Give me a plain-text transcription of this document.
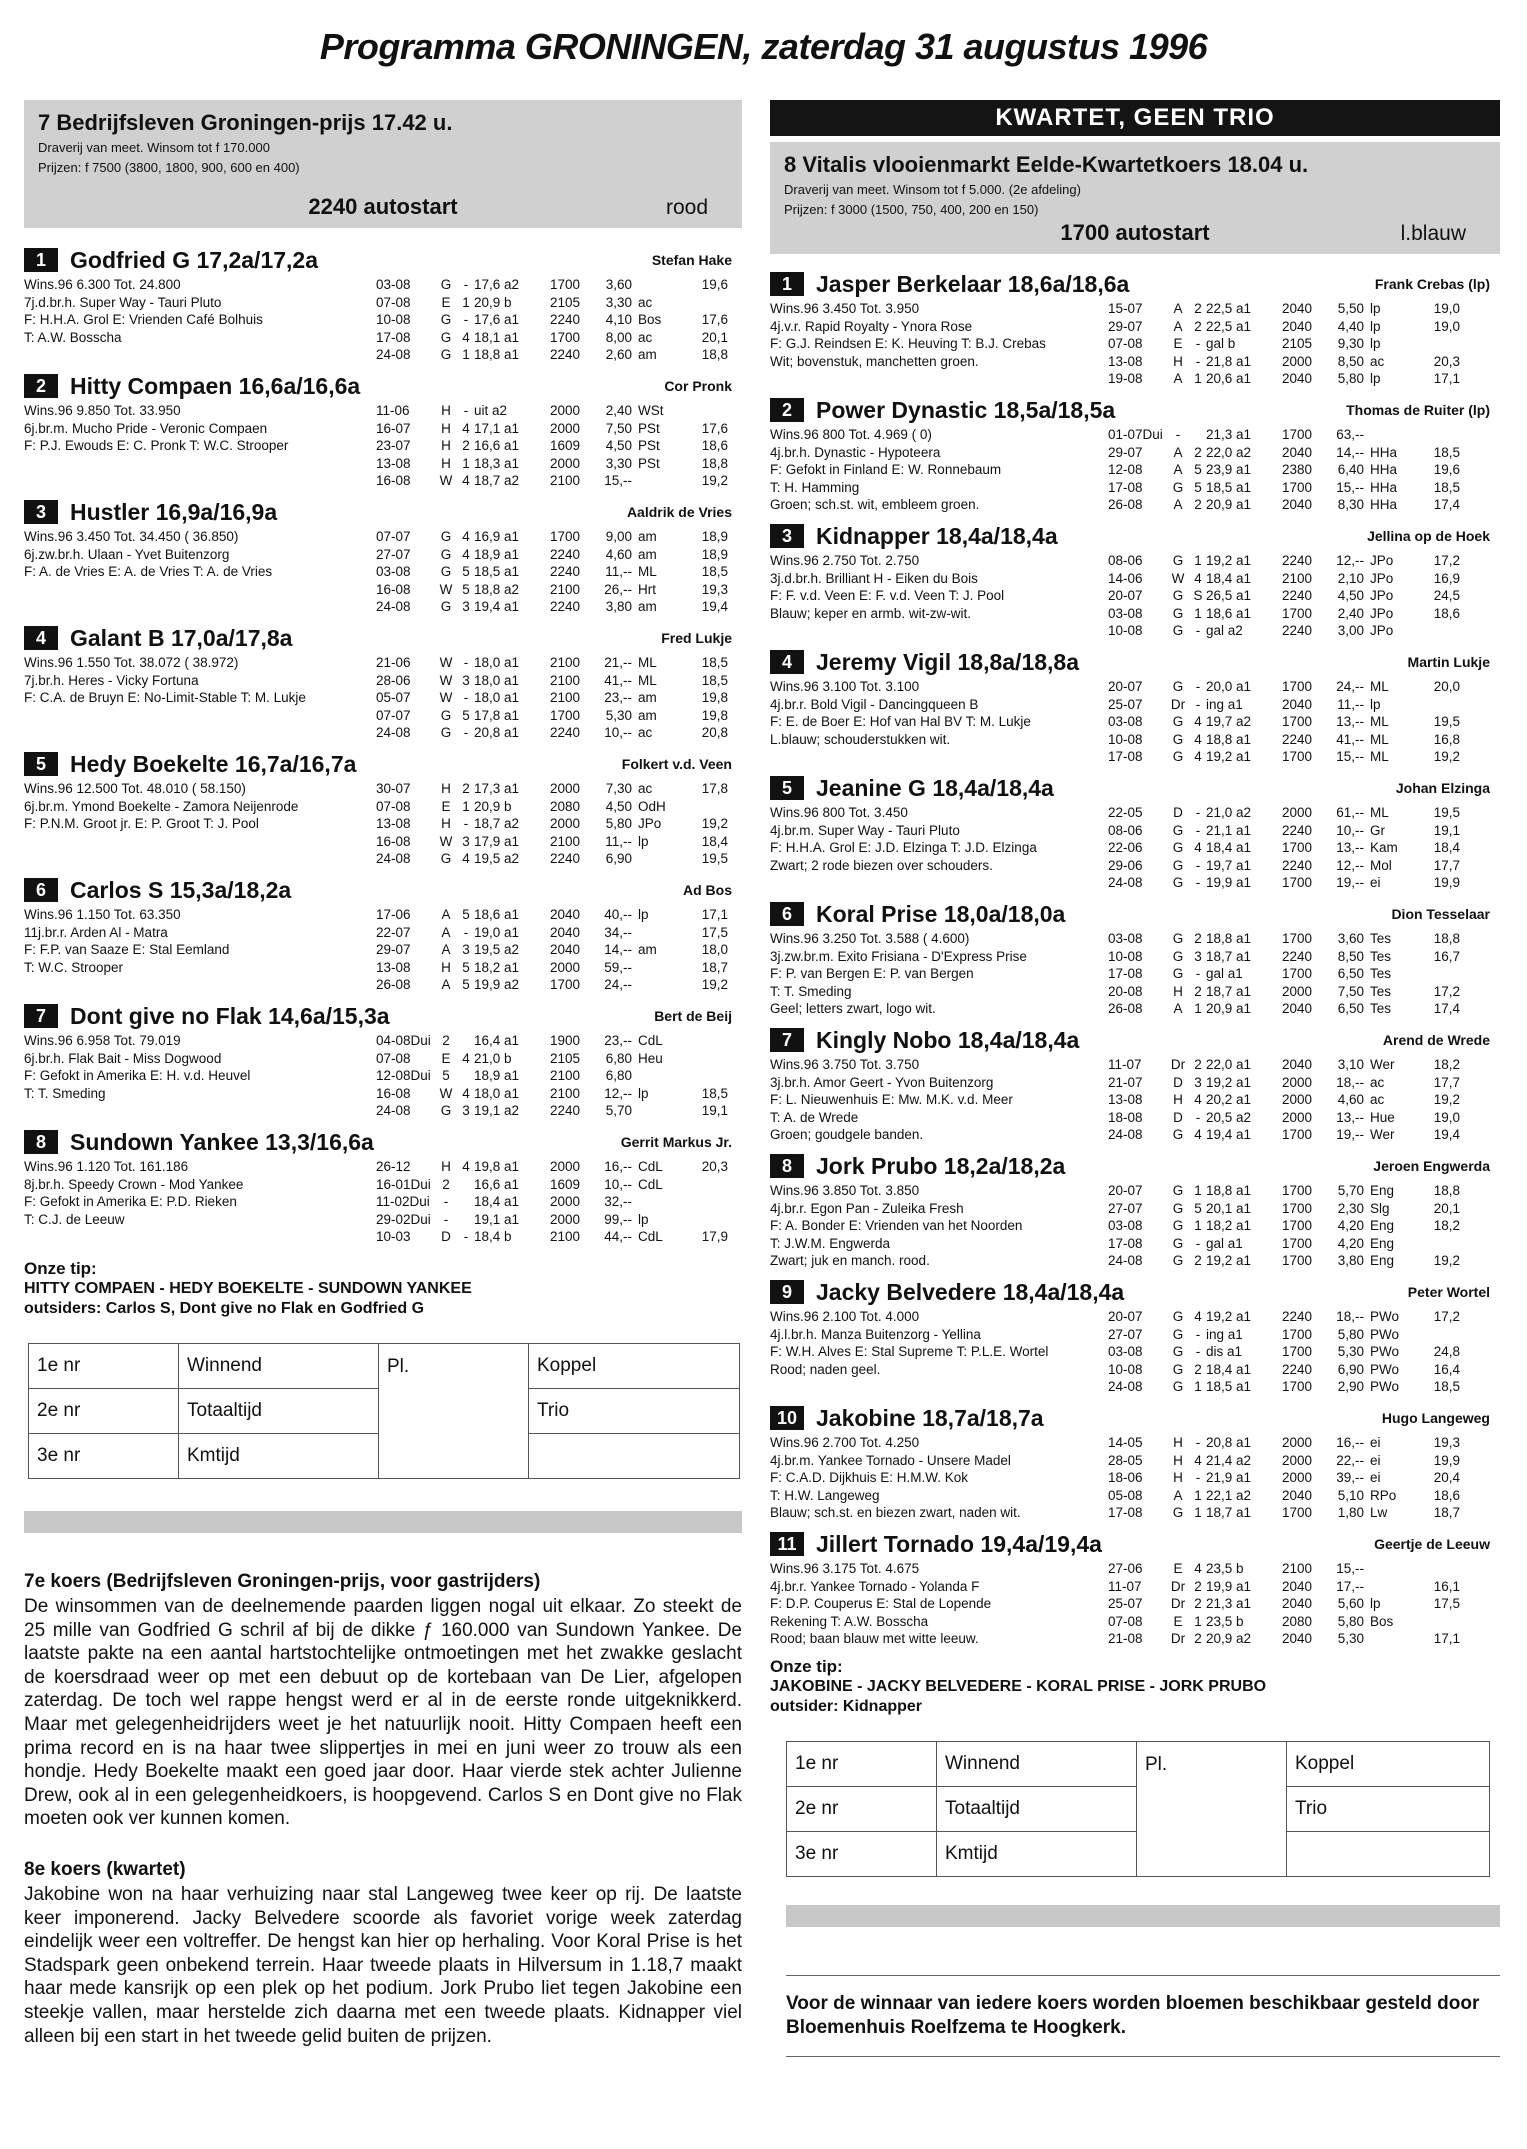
Programma GRONINGEN, zaterdag 31 augustus 1996
7 Bedrijfsleven Groningen-prijs 17.42 u.
Draverij van meet. Winsom tot f 170.000
Prijzen: f 7500 (3800, 1800, 900, 600 en 400)
2240 autostart	rood
1	Godfried G 17,2a/17,2a	Stefan Hake
Wins.96 6.300 Tot. 24.800
7j.d.br.h. Super Way - Tauri Pluto
F: H.H.A. Grol E: Vrienden Café Bolhuis
T: A.W. Bosscha
03-08	G - 17,6 a2	1700	3,60	19,6
07-08	E 1 20,9 b	2105	3,30 ac
10-08	G - 17,6 a1	2240	4,10 Bos	17,6
17-08	G 4 18,1 a1	1700	8,00 ac	20,1
24-08	G 1 18,8 a1	2240	2,60 am	18,8
2	Hitty Compaen 16,6a/16,6a	Cor Pronk
Wins.96 9.850 Tot. 33.950
6j.br.m. Mucho Pride - Veronic Compaen
F: P.J. Ewouds E: C. Pronk T: W.C. Strooper
11-06	H - uit a2	2000	2,40 WSt
16-07	H 4 17,1 a1	2000	7,50 PSt	17,6
23-07	H 2 16,6 a1	1609	4,50 PSt	18,6
13-08	H 1 18,3 a1	2000	3,30 PSt	18,8
16-08	W 4 18,7 a2	2100	15,--	19,2
3	Hustler 16,9a/16,9a	Aaldrik de Vries
Wins.96 3.450 Tot. 34.450 ( 36.850)
6j.zw.br.h. Ulaan - Yvet Buitenzorg
F: A. de Vries E: A. de Vries T: A. de Vries
07-07	G 4 16,9 a1	1700	9,00 am	18,9
27-07	G 4 18,9 a1	2240	4,60 am	18,9
03-08	G 5 18,5 a1	2240	11,-- ML	18,5
16-08	W 5 18,8 a2	2100	26,-- Hrt	19,3
24-08	G 3 19,4 a1	2240	3,80 am	19,4
4	Galant B 17,0a/17,8a	Fred Lukje
Wins.96 1.550 Tot. 38.072 ( 38.972)
7j.br.h. Heres - Vicky Fortuna
F: C.A. de Bruyn E: No-Limit-Stable T: M. Lukje
21-06	W - 18,0 a1	2100	21,-- ML	18,5
28-06	W 3 18,0 a1	2100	41,-- ML	18,5
05-07	W - 18,0 a1	2100	23,-- am	19,8
07-07	G 5 17,8 a1	1700	5,30 am	19,8
24-08	G - 20,8 a1	2240	10,-- ac	20,8
5	Hedy Boekelte 16,7a/16,7a	Folkert v.d. Veen
Wins.96 12.500 Tot. 48.010 ( 58.150)
6j.br.m. Ymond Boekelte - Zamora Neijenrode
F: P.N.M. Groot jr. E: P. Groot T: J. Pool
30-07	H 2 17,3 a1	2000	7,30 ac	17,8
07-08	E 1 20,9 b	2080	4,50 OdH
13-08	H - 18,7 a2	2000	5,80 JPo	19,2
16-08	W 3 17,9 a1	2100	11,-- lp	18,4
24-08	G 4 19,5 a2	2240	6,90	19,5
6	Carlos S 15,3a/18,2a	Ad Bos
Wins.96 1.150 Tot. 63.350
11j.br.r. Arden Al - Matra
F: F.P. van Saaze E: Stal Eemland
T: W.C. Strooper
17-06	A 5 18,6 a1	2040	40,-- lp	17,1
22-07	A - 19,0 a1	2040	34,--	17,5
29-07	A 3 19,5 a2	2040	14,-- am	18,0
13-08	H 5 18,2 a1	2000	59,--	18,7
26-08	A 5 19,9 a2	1700	24,--	19,2
7	Dont give no Flak 14,6a/15,3a	Bert de Beij
Wins.96 6.958 Tot. 79.019
6j.br.h. Flak Bait - Miss Dogwood
F: Gefokt in Amerika E: H. v.d. Heuvel
T: T. Smeding
04-08Dui 2	16,4 a1	1900	23,-- CdL
07-08	E 4 21,0 b	2105	6,80 Heu
12-08Dui 5	18,9 a1	2100	6,80
16-08	W 4 18,0 a1	2100	12,-- lp	18,5
24-08	G 3 19,1 a2	2240	5,70	19,1
8	Sundown Yankee 13,3/16,6a	Gerrit Markus Jr.
Wins.96 1.120 Tot. 161.186
8j.br.h. Speedy Crown - Mod Yankee
F: Gefokt in Amerika E: P.D. Rieken
T: C.J. de Leeuw
26-12	H 4 19,8 a1	2000	16,-- CdL	20,3
16-01Dui 2	16,6 a1	1609	10,-- CdL
11-02Dui	-	18,4 a1	2000	32,--
29-02Dui -	19,1 a1	2000	99,-- lp
10-03	D - 18,4 b	2100	44,-- CdL	17,9
Onze tip:
HITTY COMPAEN - HEDY BOEKELTE - SUNDOWN YANKEE
outsiders: Carlos S, Dont give no Flak en Godfried G
1e nr	Winnend	Pl.	Koppel
2e nr	Totaaltijd		Trio
3e nr	Kmtijd		
7e koers (Bedrijfsleven Groningen-prijs, voor gastrijders)

De winsommen van de deelnemende paarden liggen nogal uit elkaar. Zo steekt de 25 mille van Godfried G schril af bij de dikke ƒ 160.000 van Sundown Yankee. De laatste pakte na een aantal hartstochtelijke ontmoetingen met het zwakke geslacht de koersdraad weer op met een debuut op de kortebaan van De Lier, afgelopen zaterdag. De toch wel rappe hengst werd er al in de eerste ronde uitgeknikkerd. Maar met gelegenheidrijders weet je het natuurlijk nooit. Hitty Compaen heeft een prima record en is na haar twee slippertjes in mei en juni weer zo trouw als een hondje. Hedy Boekelte maakt een goed jaar door. Haar vierde stek achter Julienne Drew, ook al in een gelegenheidkoers, is hoopgevend. Carlos S en Dont give no Flak moeten ook ver kunnen komen.

8e koers (kwartet)

Jakobine won na haar verhuizing naar stal Langeweg twee keer op rij. De laatste keer imponerend. Jacky Belvedere scoorde als favoriet vorige week zaterdag eindelijk weer een voltreffer. De hengst kan hier op herhaling. Voor Koral Prise is het Stadspark geen onbekend terrein. Haar tweede plaats in Hilversum in 1.18,7 maakt haar mede kansrijk op een plek op het podium. Jork Prubo liet tegen Jakobine een steekje vallen, maar herstelde zich daarna met een tweede plaats. Kidnapper viel alleen bij een start in het tweede gelid buiten de prijzen.

KWARTET, GEEN TRIO
8 Vitalis vlooienmarkt Eelde-Kwartetkoers 18.04 u.
Draverij van meet. Winsom tot f 5.000. (2e afdeling)
Prijzen: f 3000 (1500, 750, 400, 200 en 150)
1700 autostart	l.blauw
1	Jasper Berkelaar 18,6a/18,6a	Frank Crebas (lp)
Wins.96 3.450 Tot. 3.950
4j.v.r. Rapid Royalty - Ynora Rose
F: G.J. Reindsen E: K. Heuving T: B.J. Crebas
Wit; bovenstuk, manchetten groen.
15-07	A 2 22,5 a1	2040	5,50 lp	19,0
29-07	A 2 22,5 a1	2040	4,40 lp	19,0
07-08	E - gal b	2105	9,30 lp
13-08	H - 21,8 a1	2000	8,50 ac	20,3
19-08	A 1 20,6 a1	2040	5,80 lp	17,1
2	Power Dynastic 18,5a/18,5a	Thomas de Ruiter (lp)
Wins.96 800 Tot. 4.969 ( 0)
4j.br.h. Dynastic - Hypoteera
F: Gefokt in Finland E: W. Ronnebaum
T: H. Hamming
Groen; sch.st. wit, embleem groen.
01-07Dui -	21,3 a1	1700	63,--
29-07	A 2 22,0 a2	2040	14,-- HHa	18,5
12-08	A 5 23,9 a1	2380	6,40 HHa	19,6
17-08	G 5 18,5 a1	1700	15,-- HHa	18,5
26-08	A 2 20,9 a1	2040	8,30 HHa	17,4
3	Kidnapper 18,4a/18,4a	Jellina op de Hoek
Wins.96 2.750 Tot. 2.750
3j.d.br.h. Brilliant H - Eiken du Bois
F: F. v.d. Veen E: F. v.d. Veen T: J. Pool
Blauw; keper en armb. wit-zw-wit.
08-06	G 1 19,2 a1	2240	12,-- JPo	17,2
14-06	W 4 18,4 a1	2100	2,10 JPo	16,9
20-07	G S 26,5 a1	2240	4,50 JPo	24,5
03-08	G 1 18,6 a1	1700	2,40 JPo	18,6
10-08	G - gal a2	2240	3,00 JPo
4	Jeremy Vigil 18,8a/18,8a	Martin Lukje
Wins.96 3.100 Tot. 3.100
4j.br.r. Bold Vigil - Dancingqueen B
F: E. de Boer E: Hof van Hal BV T: M. Lukje
L.blauw; schouderstukken wit.
20-07	G - 20,0 a1	1700	24,-- ML	20,0
25-07	Dr - ing a1	2040	11,-- lp
03-08	G 4 19,7 a2	1700	13,-- ML	19,5
10-08	G 4 18,8 a1	2240	41,-- ML	16,8
17-08	G 4 19,2 a1	1700	15,-- ML	19,2
5	Jeanine G 18,4a/18,4a	Johan Elzinga
Wins.96 800 Tot. 3.450
4j.br.m. Super Way - Tauri Pluto
F: H.H.A. Grol E: J.D. Elzinga T: J.D. Elzinga
Zwart; 2 rode biezen over schouders.
22-05	D - 21,0 a2	2000	61,-- ML	19,5
08-06	G - 21,1 a1	2240	10,-- Gr	19,1
22-06	G 4 18,4 a1	1700	13,-- Kam	18,4
29-06	G - 19,7 a1	2240	12,-- Mol	17,7
24-08	G - 19,9 a1	1700	19,-- ei	19,9
6	Koral Prise 18,0a/18,0a	Dion Tesselaar
Wins.96 3.250 Tot. 3.588 ( 4.600)
3j.zw.br.m. Exito Frisiana - D'Express Prise
F: P. van Bergen E: P. van Bergen
T: T. Smeding
Geel; letters zwart, logo wit.
03-08	G 2 18,8 a1	1700	3,60 Tes	18,8
10-08	G 3 18,7 a1	2240	8,50 Tes	16,7
17-08	G - gal a1	1700	6,50 Tes
20-08	H 2 18,7 a1	2000	7,50 Tes	17,2
26-08	A 1 20,9 a1	2040	6,50 Tes	17,4
7	Kingly Nobo 18,4a/18,4a	Arend de Wrede
Wins.96 3.750 Tot. 3.750
3j.br.h. Amor Geert - Yvon Buitenzorg
F: L. Nieuwenhuis E: Mw. M.K. v.d. Meer
T: A. de Wrede
Groen; goudgele banden.
11-07	Dr 2 22,0 a1	2040	3,10 Wer	18,2
21-07	D 3 19,2 a1	2000	18,-- ac	17,7
13-08	H 4 20,2 a1	2000	4,60 ac	19,2
18-08	D - 20,5 a2	2000	13,-- Hue	19,0
24-08	G 4 19,4 a1	1700	19,-- Wer	19,4
8	Jork Prubo 18,2a/18,2a	Jeroen Engwerda
Wins.96 3.850 Tot. 3.850
4j.br.r. Egon Pan - Zuleika Fresh
F: A. Bonder E: Vrienden van het Noorden
T: J.W.M. Engwerda
Zwart; juk en manch. rood.
20-07	G 1 18,8 a1	1700	5,70 Eng	18,8
27-07	G 5 20,1 a1	1700	2,30 Slg	20,1
03-08	G 1 18,2 a1	1700	4,20 Eng	18,2
17-08	G - gal a1	1700	4,20 Eng
24-08	G 2 19,2 a1	1700	3,80 Eng	19,2
9	Jacky Belvedere 18,4a/18,4a	Peter Wortel
Wins.96 2.100 Tot. 4.000
4j.l.br.h. Manza Buitenzorg - Yellina
F: W.H. Alves E: Stal Supreme T: P.L.E. Wortel
Rood; naden geel.
20-07	G 4 19,2 a1	2240	18,-- PWo	17,2
27-07	G - ing a1	1700	5,80 PWo
03-08	G - dis a1	1700	5,30 PWo	24,8
10-08	G 2 18,4 a1	2240	6,90 PWo	16,4
24-08	G 1 18,5 a1	1700	2,90 PWo	18,5
10 Jakobine 18,7a/18,7a	Hugo Langeweg
Wins.96 2.700 Tot. 4.250
4j.br.m. Yankee Tornado - Unsere Madel
F: C.A.D. Dijkhuis E: H.M.W. Kok
T: H.W. Langeweg
Blauw; sch.st. en biezen zwart, naden wit.
14-05	H - 20,8 a1	2000	16,-- ei	19,3
28-05	H 4 21,4 a2	2000	22,-- ei	19,9
18-06	H - 21,9 a1	2000	39,-- ei	20,4
05-08	A 1 22,1 a2	2040	5,10 RPo	18,6
17-08	G 1 18,7 a1	1700	1,80 Lw	18,7
11 Jillert Tornado 19,4a/19,4a	Geertje de Leeuw
Wins.96 3.175 Tot. 4.675
4j.br.r. Yankee Tornado - Yolanda F
F: D.P. Couperus E: Stal de Lopende
Rekening T: A.W. Bosscha
Rood; baan blauw met witte leeuw.
27-06	E 4 23,5 b	2100	15,--
11-07	Dr 2 19,9 a1	2040	17,--	16,1
25-07	Dr 2 21,3 a1	2040	5,60 lp	17,5
07-08	E 1 23,5 b	2080	5,80 Bos
21-08	Dr 2 20,9 a2	2040	5,30	17,1
Onze tip:
JAKOBINE - JACKY BELVEDERE - KORAL PRISE - JORK PRUBO
outsider: Kidnapper
1e nr	Winnend	Pl.	Koppel
2e nr	Totaaltijd		Trio
3e nr	Kmtijd		
Voor de winnaar van iedere koers worden bloemen beschikbaar gesteld door Bloemenhuis Roelfzema te Hoogkerk.
